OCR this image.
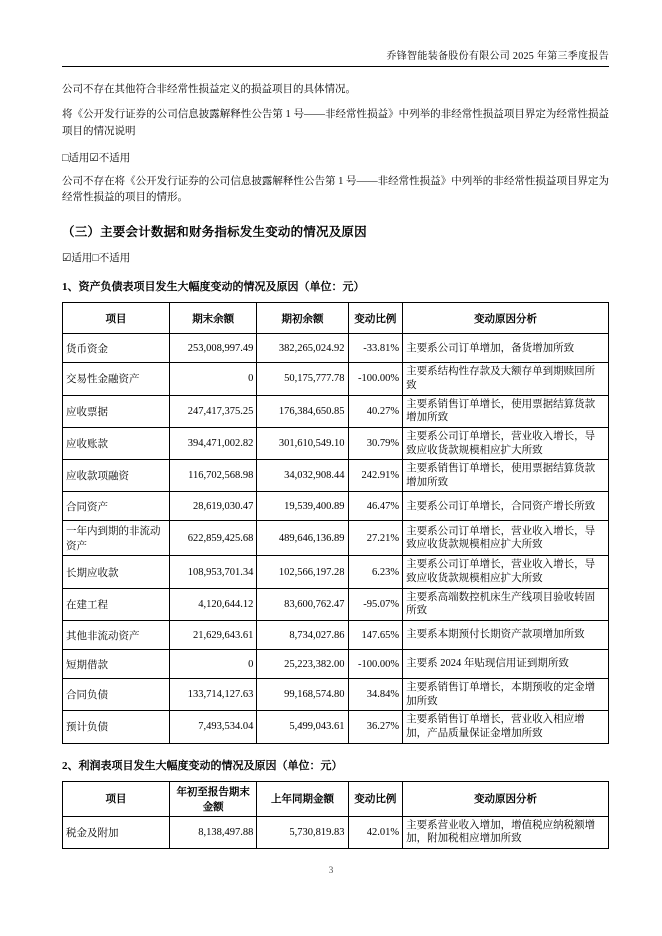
乔锋智能装备股份有限公司 2025 年第三季度报告

公司不存在其他符合非经常性损益定义的损益项目的具体情况。

将《公开发行证券的公司信息披露解释性公告第 1 号——非经常性损益》中列举的非经常性损益项目界定为经常性损益项目的情况说明

□适用☑不适用

公司不存在将《公开发行证券的公司信息披露解释性公告第 1 号——非经常性损益》中列举的非经常性损益项目界定为经常性损益的项目的情形。

（三）主要会计数据和财务指标发生变动的情况及原因

☑适用□不适用

1、资产负债表项目发生大幅度变动的情况及原因（单位：元）
项目	期末余额	期初余额	变动比例	变动原因分析
货币资金	253,008,997.49	382,265,024.92	-33.81%	主要系公司订单增加，备货增加所致
交易性金融资产	0	50,175,777.78	-100.00%	主要系结构性存款及大额存单到期赎回所致
应收票据	247,417,375.25	176,384,650.85	40.27%	主要系销售订单增长，使用票据结算货款增加所致
应收账款	394,471,002.82	301,610,549.10	30.79%	主要系公司订单增长，营业收入增长，导致应收货款规模相应扩大所致
应收款项融资	116,702,568.98	34,032,908.44	242.91%	主要系销售订单增长，使用票据结算货款增加所致
合同资产	28,619,030.47	19,539,400.89	46.47%	主要系公司订单增长，合同资产增长所致
一年内到期的非流动资产	622,859,425.68	489,646,136.89	27.21%	主要系公司订单增长，营业收入增长，导致应收货款规模相应扩大所致
长期应收款	108,953,701.34	102,566,197.28	6.23%	主要系公司订单增长，营业收入增长，导致应收货款规模相应扩大所致
在建工程	4,120,644.12	83,600,762.47	-95.07%	主要系高端数控机床生产线项目验收转固所致
其他非流动资产	21,629,643.61	8,734,027.86	147.65%	主要系本期预付长期资产款项增加所致
短期借款	0	25,223,382.00	-100.00%	主要系 2024 年贴现信用证到期所致
合同负债	133,714,127.63	99,168,574.80	34.84%	主要系销售订单增长，本期预收的定金增加所致
预计负债	7,493,534.04	5,499,043.61	36.27%	主要系销售订单增长，营业收入相应增加，产品质量保证金增加所致
2、利润表项目发生大幅度变动的情况及原因（单位：元）
项目	年初至报告期末金额	上年同期金额	变动比例	变动原因分析
税金及附加	8,138,497.88	5,730,819.83	42.01%	主要系营业收入增加，增值税应纳税额增加，附加税相应增加所致
3
